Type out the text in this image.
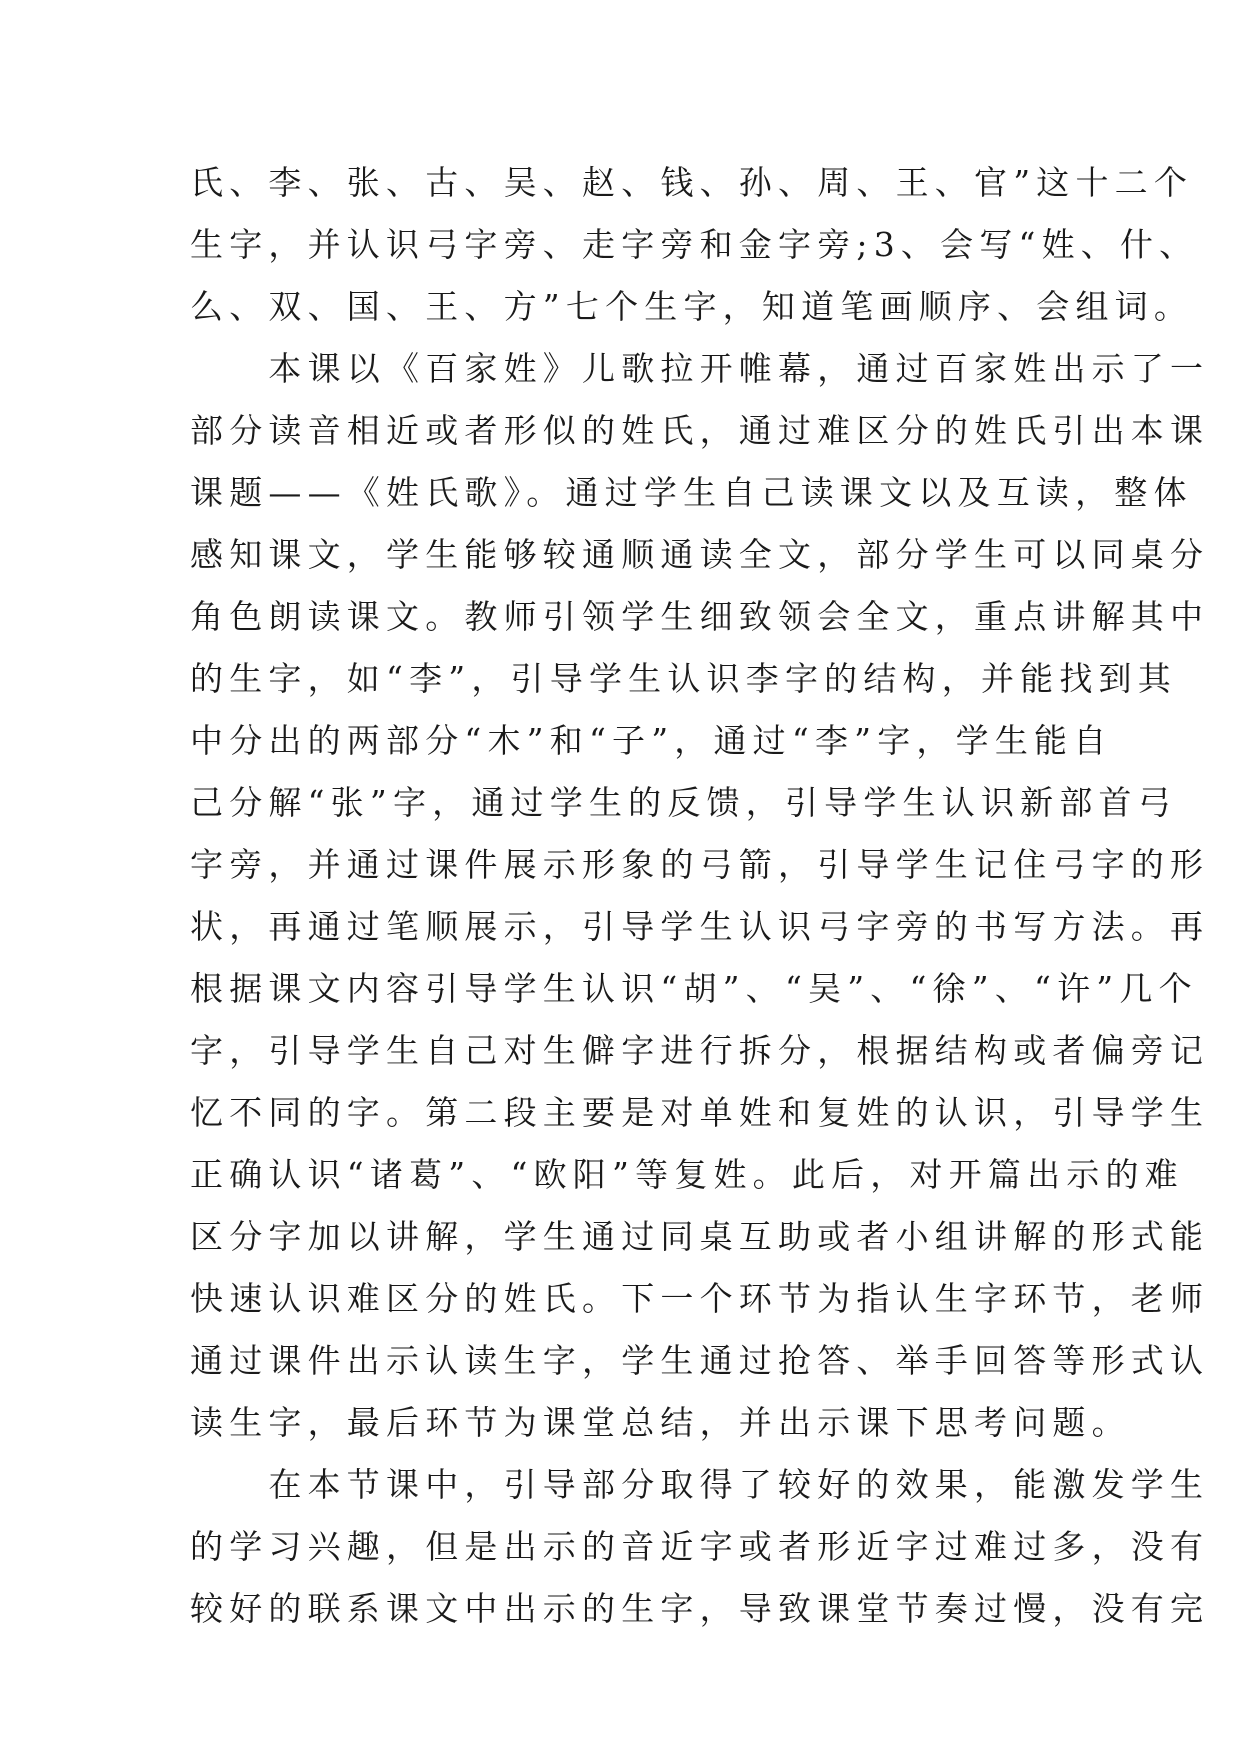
氏、李、张、古、吴、赵、钱、孙、周、王、官”这十二个
生字，并认识弓字旁、走字旁和金字旁;3、会写“姓、什、
么、双、国、王、方”七个生字，知道笔画顺序、会组词。
　　本课以《百家姓》儿歌拉开帷幕，通过百家姓出示了一
部分读音相近或者形似的姓氏，通过难区分的姓氏引出本课
课题——《姓氏歌》。通过学生自己读课文以及互读，整体
感知课文，学生能够较通顺通读全文，部分学生可以同桌分
角色朗读课文。教师引领学生细致领会全文，重点讲解其中
的生字，如“李”，引导学生认识李字的结构，并能找到其
中分出的两部分“木”和“子”，通过“李”字，学生能自
己分解“张”字，通过学生的反馈，引导学生认识新部首弓
字旁，并通过课件展示形象的弓箭，引导学生记住弓字的形
状，再通过笔顺展示，引导学生认识弓字旁的书写方法。再
根据课文内容引导学生认识“胡”、“吴”、“徐”、“许”几个
字，引导学生自己对生僻字进行拆分，根据结构或者偏旁记
忆不同的字。第二段主要是对单姓和复姓的认识，引导学生
正确认识“诸葛”、“欧阳”等复姓。此后，对开篇出示的难
区分字加以讲解，学生通过同桌互助或者小组讲解的形式能
快速认识难区分的姓氏。下一个环节为指认生字环节，老师
通过课件出示认读生字，学生通过抢答、举手回答等形式认
读生字，最后环节为课堂总结，并出示课下思考问题。
　　在本节课中，引导部分取得了较好的效果，能激发学生
的学习兴趣，但是出示的音近字或者形近字过难过多，没有
较好的联系课文中出示的生字，导致课堂节奏过慢，没有完
